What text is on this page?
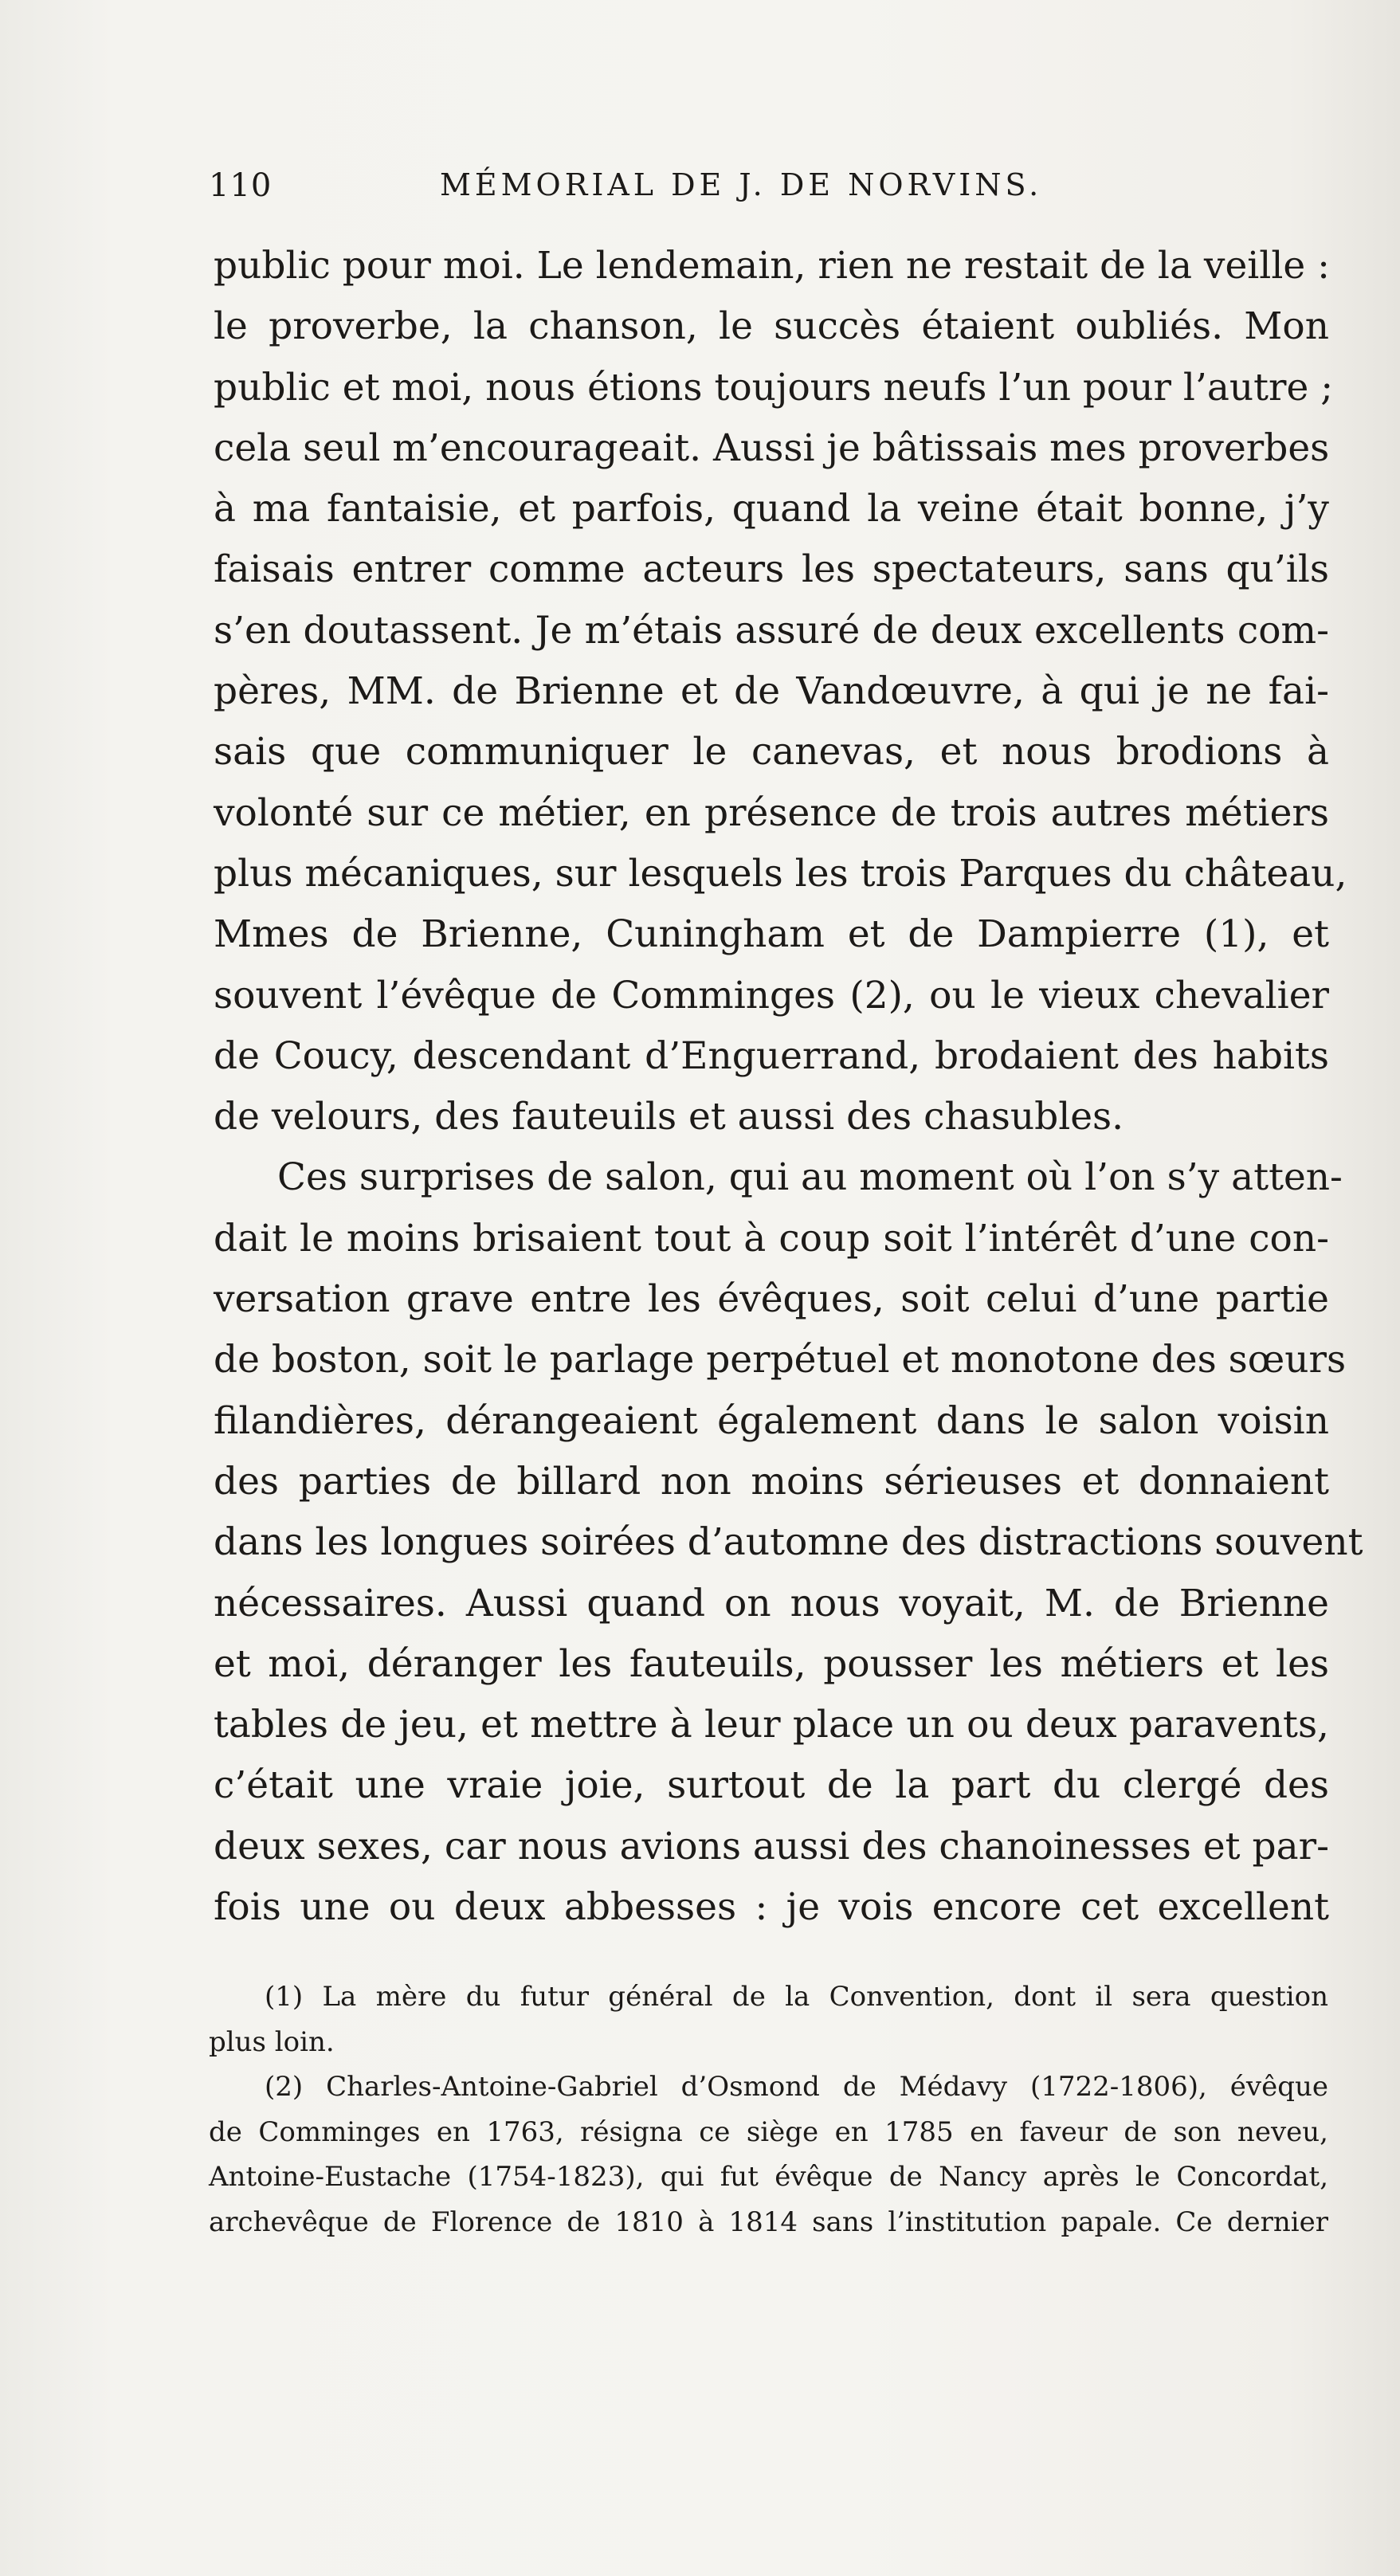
110	MÉMORIAL DE J. DE NORVINS.
public pour moi. Le lendemain, rien ne restait de la veille :
le proverbe, la chanson, le succès étaient oubliés. Mon
public et moi, nous étions toujours neufs l’un pour l’autre ;
cela seul m’encourageait. Aussi je bâtissais mes proverbes
à ma fantaisie, et parfois, quand la veine était bonne, j’y
faisais entrer comme acteurs les spectateurs, sans qu’ils
s’en doutassent. Je m’étais assuré de deux excellents com-
pères, MM. de Brienne et de Vandœuvre, à qui je ne fai-
sais que communiquer le canevas, et nous brodions à
volonté sur ce métier, en présence de trois autres métiers
plus mécaniques, sur lesquels les trois Parques du château,
Mmes de Brienne, Cuningham et de Dampierre (1), et
souvent l’évêque de Comminges (2), ou le vieux chevalier
de Coucy, descendant d’Enguerrand, brodaient des habits
de velours, des fauteuils et aussi des chasubles.
Ces surprises de salon, qui au moment où l’on s’y atten-
dait le moins brisaient tout à coup soit l’intérêt d’une con-
versation grave entre les évêques, soit celui d’une partie
de boston, soit le parlage perpétuel et monotone des sœurs
filandières, dérangeaient également dans le salon voisin
des parties de billard non moins sérieuses et donnaient
dans les longues soirées d’automne des distractions souvent
nécessaires. Aussi quand on nous voyait, M. de Brienne
et moi, déranger les fauteuils, pousser les métiers et les
tables de jeu, et mettre à leur place un ou deux paravents,
c’était une vraie joie, surtout de la part du clergé des
deux sexes, car nous avions aussi des chanoinesses et par-
fois une ou deux abbesses : je vois encore cet excellent
(1) La mère du futur général de la Convention, dont il sera question
plus loin.
(2) Charles-Antoine-Gabriel d’Osmond de Médavy (1722-1806), évêque
de Comminges en 1763, résigna ce siège en 1785 en faveur de son neveu,
Antoine-Eustache (1754-1823), qui fut évêque de Nancy après le Concordat,
archevêque de Florence de 1810 à 1814 sans l’institution papale. Ce dernier
